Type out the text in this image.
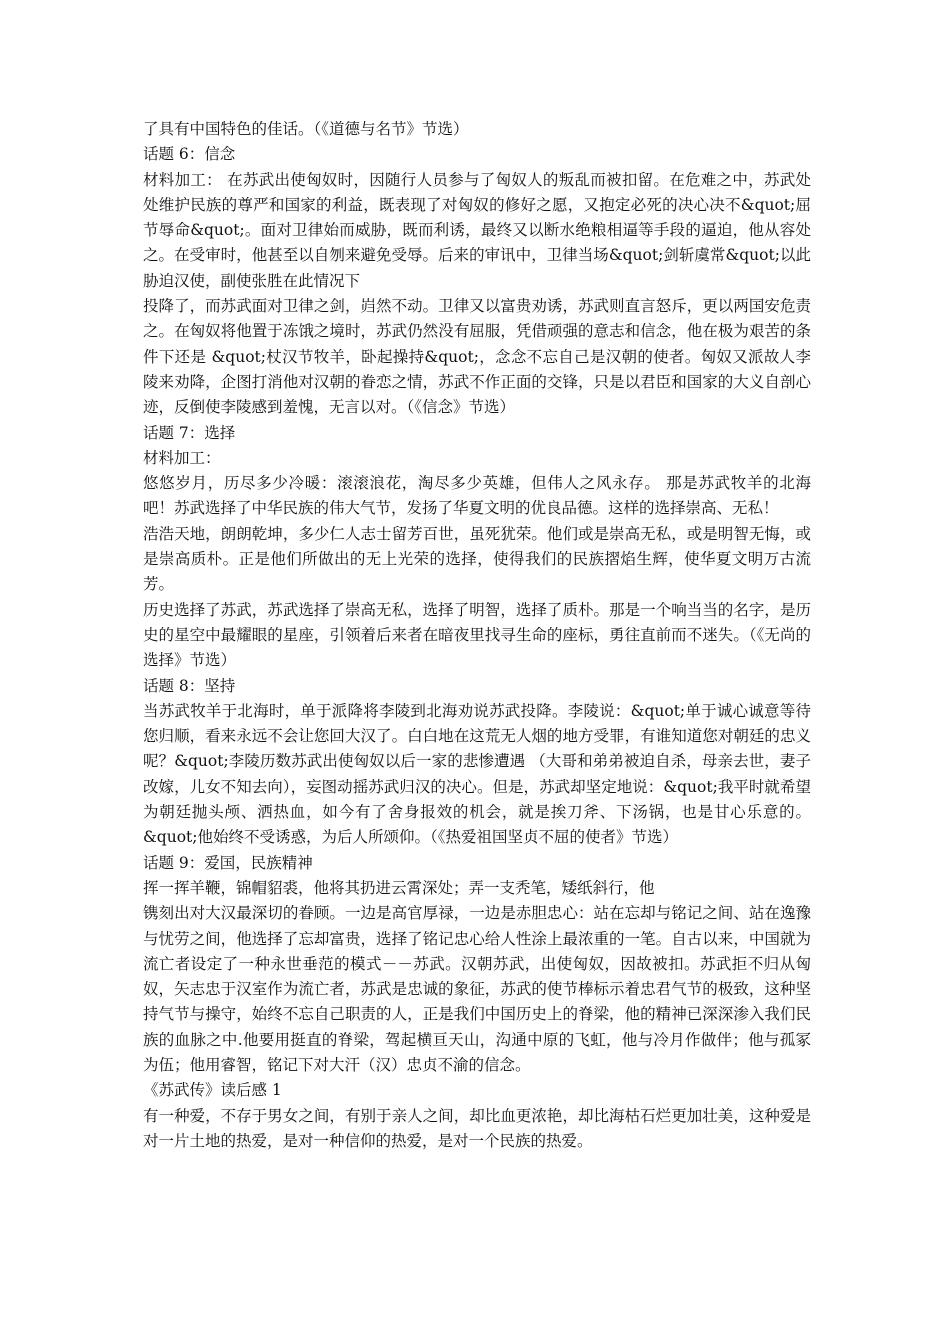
了具有中国特色的佳话。（《道德与名节》节选）
话题 6：信念
材料加工： 在苏武出使匈奴时，因随行人员参与了匈奴人的叛乱而被扣留。在危难之中，苏武处处维护民族的尊严和国家的利益，既表现了对匈奴的修好之愿，又抱定必死的决心决不&quot;屈节辱命&quot;。面对卫律始而威胁，既而利诱，最终又以断水绝粮相逼等手段的逼迫，他从容处之。在受审时，他甚至以自刎来避免受辱。后来的审讯中，卫律当场&quot;剑斩虞常&quot;以此胁迫汉使，副使张胜在此情况下
投降了，而苏武面对卫律之剑，岿然不动。卫律又以富贵劝诱，苏武则直言怒斥，更以两国安危责之。在匈奴将他置于冻饿之境时，苏武仍然没有屈服，凭借顽强的意志和信念，他在极为艰苦的条件下还是 &quot;杖汉节牧羊，卧起操持&quot;，念念不忘自己是汉朝的使者。匈奴又派故人李陵来劝降，企图打消他对汉朝的眷恋之情，苏武不作正面的交锋，只是以君臣和国家的大义自剖心迹，反倒使李陵感到羞愧，无言以对。（《信念》节选）
话题 7：选择
材料加工：
悠悠岁月，历尽多少冷暖：滚滚浪花，淘尽多少英雄，但伟人之风永存。 那是苏武牧羊的北海吧！苏武选择了中华民族的伟大气节，发扬了华夏文明的优良品德。这样的选择崇高、无私！
浩浩天地，朗朗乾坤，多少仁人志士留芳百世，虽死犹荣。他们或是崇高无私，或是明智无悔，或是崇高质朴。正是他们所做出的无上光荣的选择，使得我们的民族摺焰生辉，使华夏文明万古流芳。
历史选择了苏武，苏武选择了崇高无私，选择了明智，选择了质朴。那是一个响当当的名字，是历史的星空中最耀眼的星座，引领着后来者在暗夜里找寻生命的座标，勇往直前而不迷失。（《无尚的选择》节选）
话题 8：坚持
当苏武牧羊于北海时，单于派降将李陵到北海劝说苏武投降。李陵说：&quot;单于诚心诚意等待您归顺，看来永远不会让您回大汉了。白白地在这荒无人烟的地方受罪，有谁知道您对朝廷的忠义呢？&quot;李陵历数苏武出使匈奴以后一家的悲惨遭遇 （大哥和弟弟被迫自杀，母亲去世，妻子改嫁，儿女不知去向），妄图动摇苏武归汉的决心。但是，苏武却坚定地说：&quot;我平时就希望为朝廷抛头颅、洒热血，如今有了舍身报效的机会，就是挨刀斧、下汤锅，也是甘心乐意的。&quot;他始终不受诱惑，为后人所颂仰。（《热爱祖国坚贞不屈的使者》节选）
话题 9：爱国，民族精神
挥一挥羊鞭，锦帽貂裘，他将其扔进云霄深处；弄一支秃笔，矮纸斜行，他
镌刻出对大汉最深切的眷顾。一边是高官厚禄，一边是赤胆忠心：站在忘却与铭记之间、站在逸豫与忧劳之间，他选择了忘却富贵，选择了铭记忠心给人性涂上最浓重的一笔。自古以来，中国就为流亡者设定了一种永世垂范的模式－－苏武。汉朝苏武，出使匈奴，因故被扣。苏武拒不归从匈奴，矢志忠于汉室作为流亡者，苏武是忠诚的象征，苏武的使节棒标示着忠君气节的极致，这种坚持气节与操守，始终不忘自己职责的人，正是我们中国历史上的脊梁，他的精神已深深渗入我们民族的血脉之中.他要用挺直的脊梁，驾起横亘天山，沟通中原的飞虹，他与冷月作做伴；他与孤冢为伍；他用睿智，铭记下对大汗（汉）忠贞不渝的信念。
《苏武传》读后感 1
有一种爱，不存于男女之间，有别于亲人之间，却比血更浓艳，却比海枯石烂更加壮美，这种爱是对一片土地的热爱，是对一种信仰的热爱，是对一个民族的热爱。
